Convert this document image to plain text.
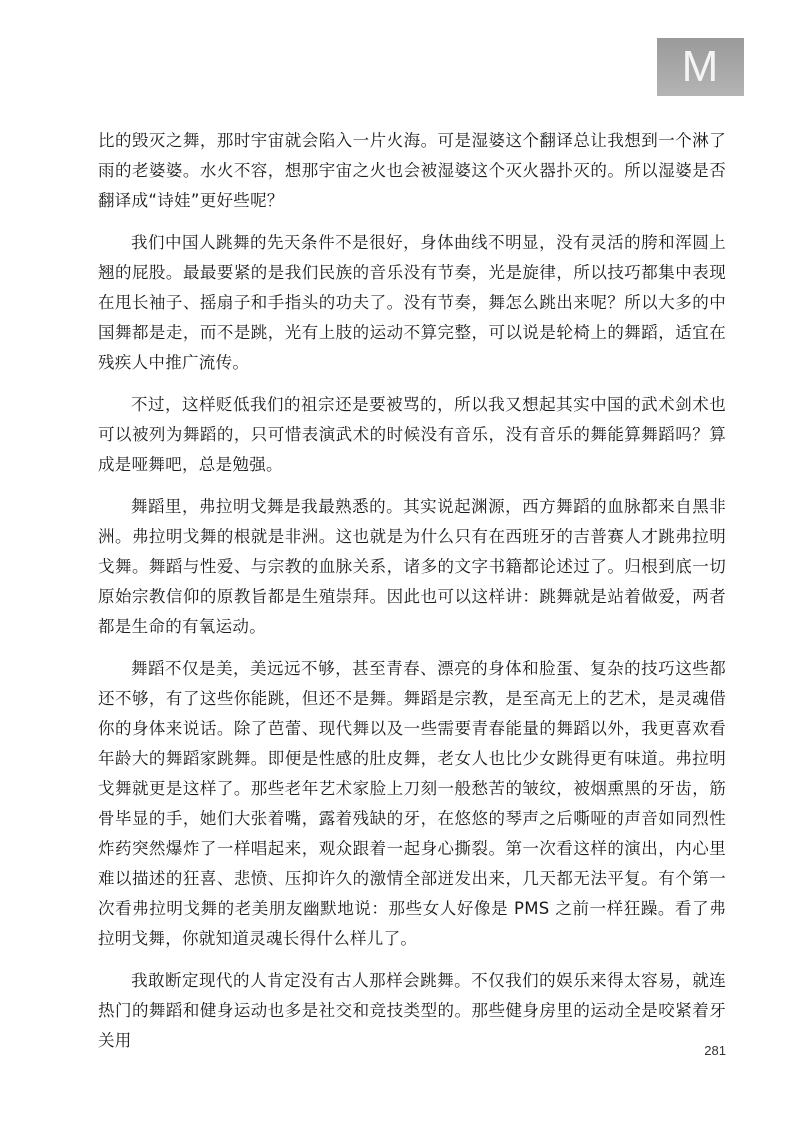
M

比的毁灭之舞，那时宇宙就会陷入一片火海。可是湿婆这个翻译总让我想到一个淋了雨的老婆婆。水火不容，想那宇宙之火也会被湿婆这个灭火器扑灭的。所以湿婆是否翻译成“诗娃”更好些呢？

我们中国人跳舞的先天条件不是很好，身体曲线不明显，没有灵活的胯和浑圆上翘的屁股。最最要紧的是我们民族的音乐没有节奏，光是旋律，所以技巧都集中表现在甩长袖子、摇扇子和手指头的功夫了。没有节奏，舞怎么跳出来呢？所以大多的中国舞都是走，而不是跳，光有上肢的运动不算完整，可以说是轮椅上的舞蹈，适宜在残疾人中推广流传。

不过，这样贬低我们的祖宗还是要被骂的，所以我又想起其实中国的武术剑术也可以被列为舞蹈的，只可惜表演武术的时候没有音乐，没有音乐的舞能算舞蹈吗？算成是哑舞吧，总是勉强。

舞蹈里，弗拉明戈舞是我最熟悉的。其实说起渊源，西方舞蹈的血脉都来自黑非洲。弗拉明戈舞的根就是非洲。这也就是为什么只有在西班牙的吉普赛人才跳弗拉明戈舞。舞蹈与性爱、与宗教的血脉关系，诸多的文字书籍都论述过了。归根到底一切原始宗教信仰的原教旨都是生殖崇拜。因此也可以这样讲：跳舞就是站着做爱，两者都是生命的有氧运动。

舞蹈不仅是美，美远远不够，甚至青春、漂亮的身体和脸蛋、复杂的技巧这些都还不够，有了这些你能跳，但还不是舞。舞蹈是宗教，是至高无上的艺术，是灵魂借你的身体来说话。除了芭蕾、现代舞以及一些需要青春能量的舞蹈以外，我更喜欢看年龄大的舞蹈家跳舞。即便是性感的肚皮舞，老女人也比少女跳得更有味道。弗拉明戈舞就更是这样了。那些老年艺术家脸上刀刻一般愁苦的皱纹，被烟熏黑的牙齿，筋骨毕显的手，她们大张着嘴，露着残缺的牙，在悠悠的琴声之后嘶哑的声音如同烈性炸药突然爆炸了一样唱起来，观众跟着一起身心撕裂。第一次看这样的演出，内心里难以描述的狂喜、悲愤、压抑许久的激情全部迸发出来，几天都无法平复。有个第一次看弗拉明戈舞的老美朋友幽默地说：那些女人好像是 PMS 之前一样狂躁。看了弗拉明戈舞，你就知道灵魂长得什么样儿了。

我敢断定现代的人肯定没有古人那样会跳舞。不仅我们的娱乐来得太容易，就连热门的舞蹈和健身运动也多是社交和竞技类型的。那些健身房里的运动全是咬紧着牙关用

281
